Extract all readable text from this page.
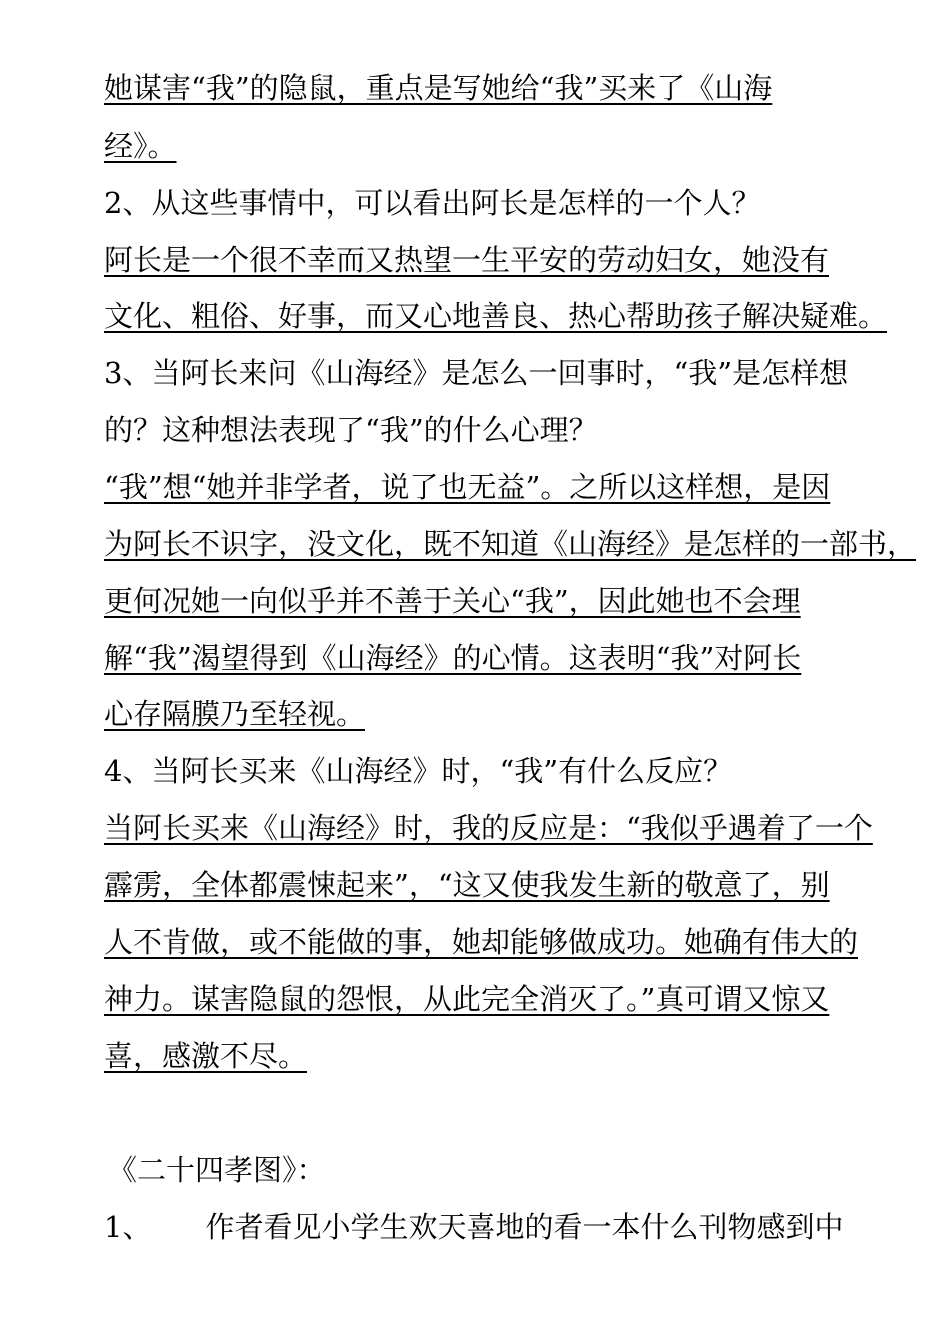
她谋害“我”的隐鼠，重点是写她给“我”买来了《山海
经》。
2、从这些事情中，可以看出阿长是怎样的一个人？
阿长是一个很不幸而又热望一生平安的劳动妇女，她没有
文化、粗俗、好事，而又心地善良、热心帮助孩子解决疑难。
3、当阿长来问《山海经》是怎么一回事时，“我”是怎样想
的？这种想法表现了“我”的什么心理？
“我”想“她并非学者，说了也无益”。之所以这样想，是因
为阿长不识字，没文化，既不知道《山海经》是怎样的一部书，
更何况她一向似乎并不善于关心“我”，因此她也不会理
解“我”渴望得到《山海经》的心情。这表明“我”对阿长
心存隔膜乃至轻视。
4、当阿长买来《山海经》时，“我”有什么反应？
当阿长买来《山海经》时，我的反应是：“我似乎遇着了一个
霹雳，全体都震悚起来”，“这又使我发生新的敬意了，别
人不肯做，或不能做的事，她却能够做成功。她确有伟大的
神力。谋害隐鼠的怨恨，从此完全消灭了。”真可谓又惊又
喜，感激不尽。
《二十四孝图》：
1、 作者看见小学生欢天喜地的看一本什么刊物感到中
